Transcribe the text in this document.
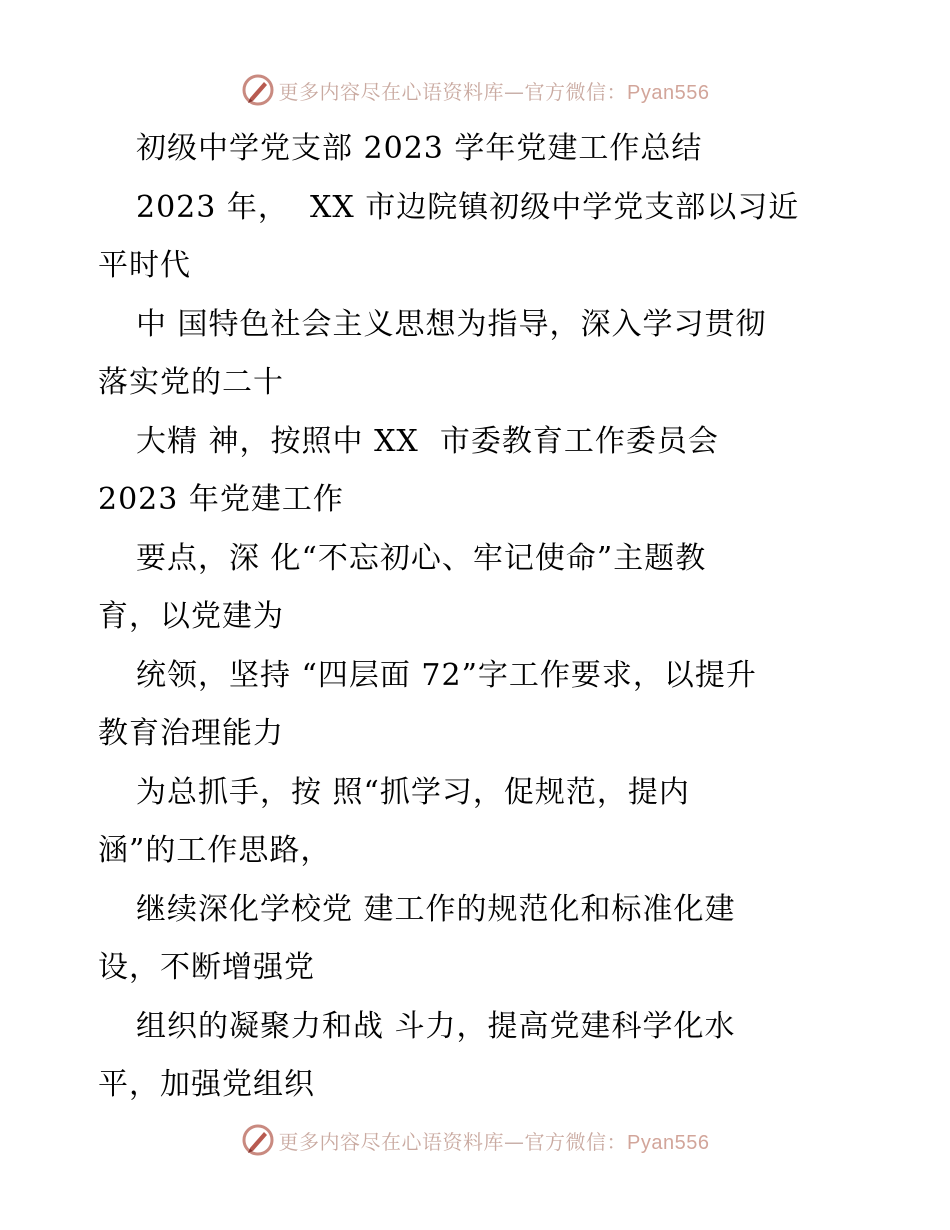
更多内容尽在心语资料库—官方微信：Pyan556
初级中学党支部 2023 学年党建工作总结
2023 年，  XX 市边院镇初级中学党支部以习近
平时代
中 国特色社会主义思想为指导，深入学习贯彻
落实党的二十
大精 神，按照中 XX  市委教育工作委员会
2023 年党建工作
要点，深 化“不忘初心、牢记使命”主题教
育，以党建为
统领，坚持 “四层面 72”字工作要求，以提升
教育治理能力
为总抓手，按 照“抓学习，促规范，提内
涵”的工作思路，
继续深化学校党 建工作的规范化和标准化建
设，不断增强党
组织的凝聚力和战 斗力，提高党建科学化水
平，加强党组织
更多内容尽在心语资料库—官方微信：Pyan556
